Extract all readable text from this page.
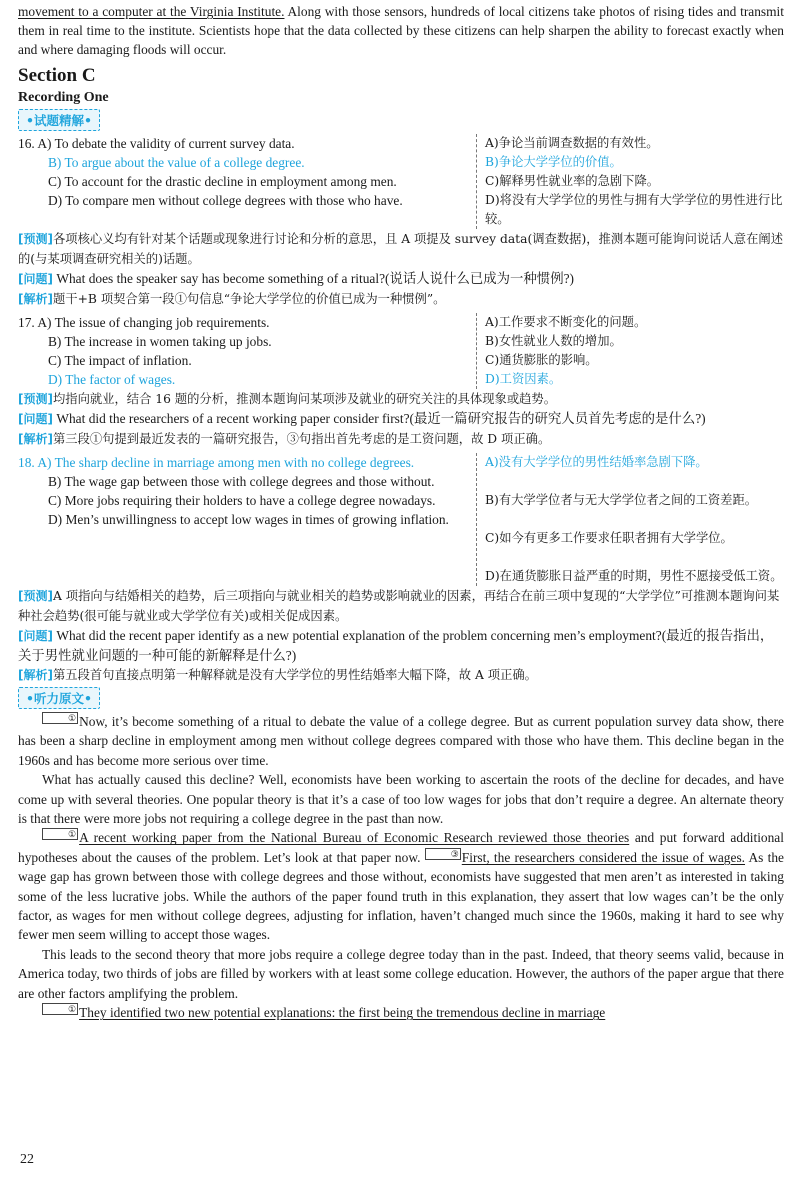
movement to a computer at the Virginia Institute. Along with those sensors, hundreds of local citizens take photos of rising tides and transmit them in real time to the institute. Scientists hope that the data collected by these citizens can help sharpen the ability to forecast exactly when and where damaging floods will occur.

Section C
Recording One
•试题精解•
16. A) To debate the validity of current survey data.
B) To argue about the value of a college degree.
C) To account for the drastic decline in employment among men.
D) To compare men without college degrees with those who have.
A)争论当前调查数据的有效性。
B)争论大学学位的价值。
C)解释男性就业率的急剧下降。
D)将没有大学学位的男性与拥有大学学位的男性进行比较。

[预测]各项核心义均有针对某个话题或现象进行讨论和分析的意思，且 A 项提及 survey data(调查数据)，推测本题可能询问说话人意在阐述的(与某项调查研究相关的)话题。

[问题] What does the speaker say has become something of a ritual?(说话人说什么已成为一种惯例?)

[解析]题干+B 项契合第一段①句信息“争论大学学位的价值已成为一种惯例”。

17. A) The issue of changing job requirements.
B) The increase in women taking up jobs.
C) The impact of inflation.
D) The factor of wages.
A)工作要求不断变化的问题。
B)女性就业人数的增加。
C)通货膨胀的影响。
D)工资因素。

[预测]均指向就业，结合 16 题的分析，推测本题询问某项涉及就业的研究关注的具体现象或趋势。

[问题] What did the researchers of a recent working paper consider first?(最近一篇研究报告的研究人员首先考虑的是什么?)

[解析]第三段①句提到最近发表的一篇研究报告，③句指出首先考虑的是工资问题，故 D 项正确。

18. A) The sharp decline in marriage among men with no college degrees.
B) The wage gap between those with college degrees and those without.
C) More jobs requiring their holders to have a college degree nowadays.
D) Men’s unwillingness to accept low wages in times of growing inflation.
A)没有大学学位的男性结婚率急剧下降。
B)有大学学位者与无大学学位者之间的工资差距。
C)如今有更多工作要求任职者拥有大学学位。
D)在通货膨胀日益严重的时期，男性不愿接受低工资。

[预测]A 项指向与结婚相关的趋势，后三项指向与就业相关的趋势或影响就业的因素，再结合在前三项中复现的“大学学位”可推测本题询问某种社会趋势(很可能与就业或大学学位有关)或相关促成因素。

[问题] What did the recent paper identify as a new potential explanation of the problem concerning men’s employment?(最近的报告指出，关于男性就业问题的一种可能的新解释是什么?)

[解析]第五段首句直接点明第一种解释就是没有大学学位的男性结婚率大幅下降，故 A 项正确。

•听力原文•

① Now, it’s become something of a ritual to debate the value of a college degree. But as current population survey data show, there has been a sharp decline in employment among men without college degrees compared with those who have them. This decline began in the 1960s and has become more serious over time.

What has actually caused this decline? Well, economists have been working to ascertain the roots of the decline for decades, and have come up with several theories. One popular theory is that it’s a case of too low wages for jobs that don’t require a degree. An alternate theory is that there were more jobs not requiring a college degree in the past than now.

① A recent working paper from the National Bureau of Economic Research reviewed those theories and put forward additional hypotheses about the causes of the problem. Let’s look at that paper now.	③ First, the researchers considered the issue of wages. As the wage gap has grown between those with college degrees and those without, economists have suggested that men aren’t as interested in taking some of the less lucrative jobs. While the authors of the paper found truth in this explanation, they assert that low wages can’t be the only factor, as wages for men without college degrees, adjusting for inflation, haven’t changed much since the 1960s, making it hard to see why fewer men seem willing to accept those wages.

This leads to the second theory that more jobs require a college degree today than in the past. Indeed, that theory seems valid, because in America today, two thirds of jobs are filled by workers with at least some college education. However, the authors of the paper argue that there are other factors amplifying the problem.

① They identified two new potential explanations: the first being the tremendous decline in marriage

22
